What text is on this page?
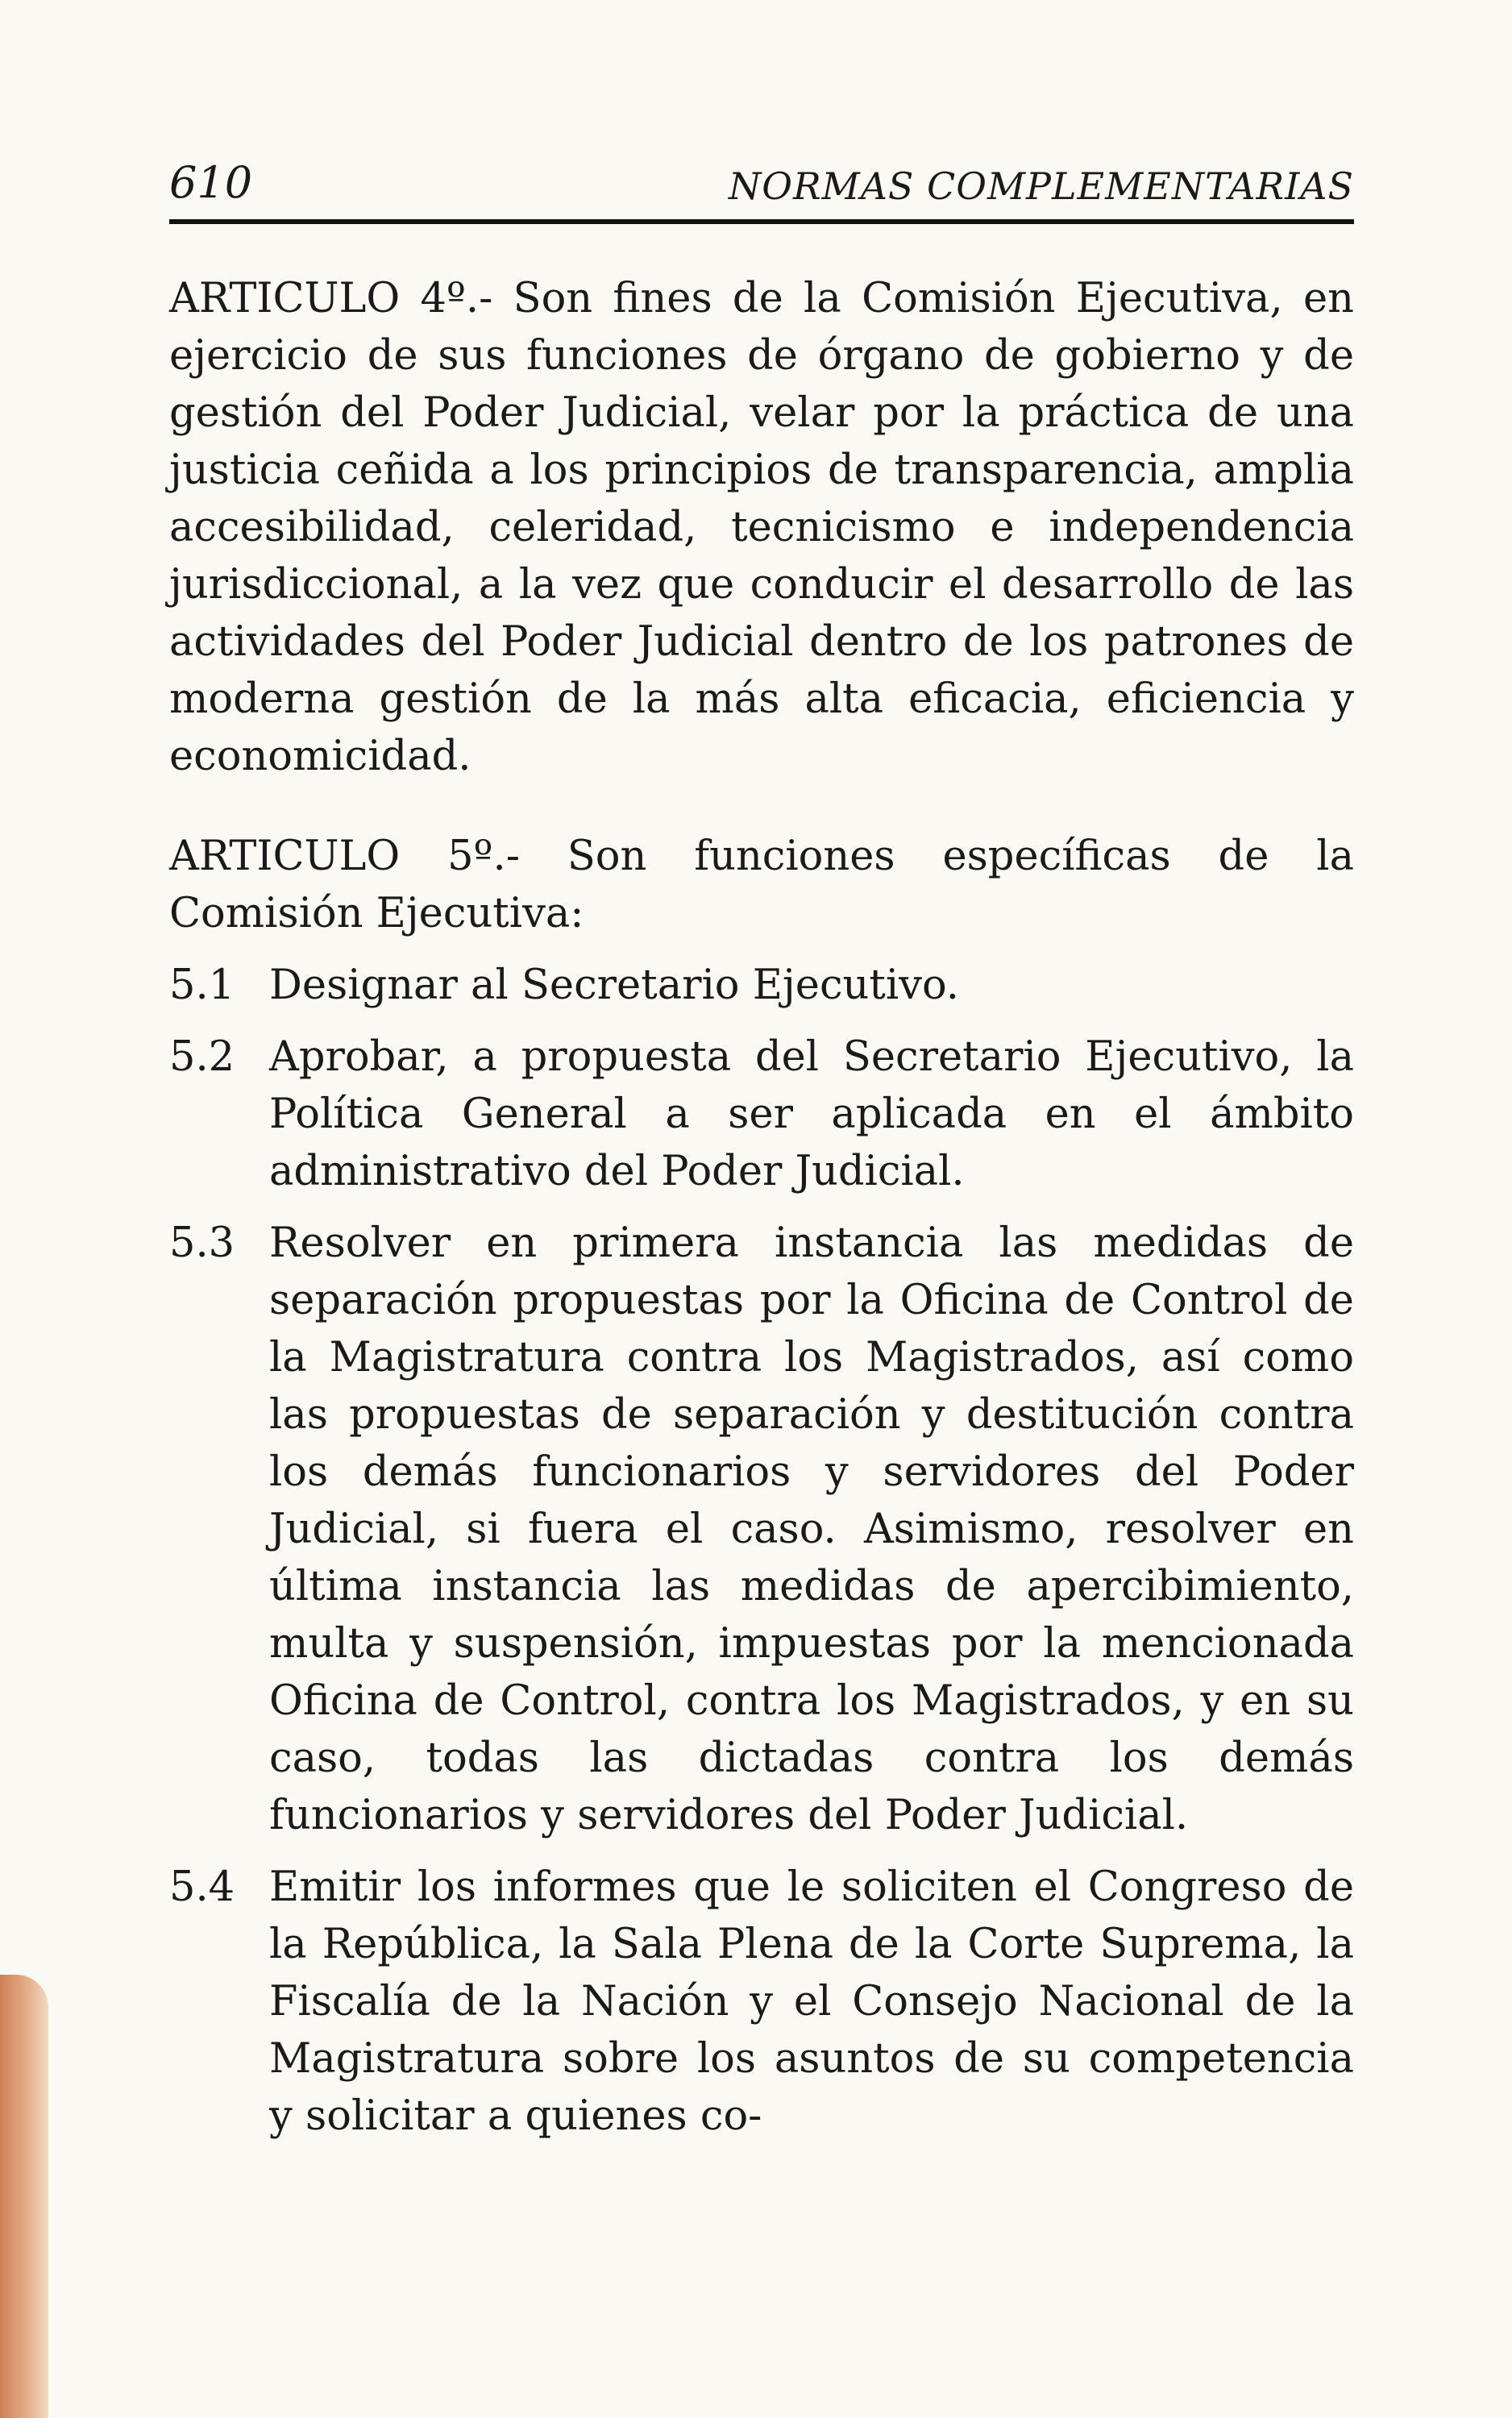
610	NORMAS COMPLEMENTARIAS

ARTICULO 4º.- Son fines de la Comisión Ejecutiva, en ejercicio de sus funciones de órgano de gobierno y de gestión del Poder Judicial, velar por la práctica de una justicia ceñida a los principios de transparencia, amplia accesibilidad, celeridad, tecnicismo e independencia jurisdiccional, a la vez que conducir el desarrollo de las actividades del Poder Judicial dentro de los patrones de moderna gestión de la más alta eficacia, eficiencia y economicidad.

ARTICULO 5º.- Son funciones específicas de la Comisión Ejecutiva:

5.1 Designar al Secretario Ejecutivo.
5.2 Aprobar, a propuesta del Secretario Ejecutivo, la Política General a ser aplicada en el ámbito administrativo del Poder Judicial.
5.3 Resolver en primera instancia las medidas de separación propuestas por la Oficina de Control de la Magistratura contra los Magistrados, así como las propuestas de separación y destitución contra los demás funcionarios y servidores del Poder Judicial, si fuera el caso. Asimismo, resolver en última instancia las medidas de apercibimiento, multa y suspensión, impuestas por la mencionada Oficina de Control, contra los Magistrados, y en su caso, todas las dictadas contra los demás funcionarios y servidores del Poder Judicial.
5.4 Emitir los informes que le soliciten el Congreso de la República, la Sala Plena de la Corte Suprema, la Fiscalía de la Nación y el Consejo Nacional de la Magistratura sobre los asuntos de su competencia y solicitar a quienes co-
